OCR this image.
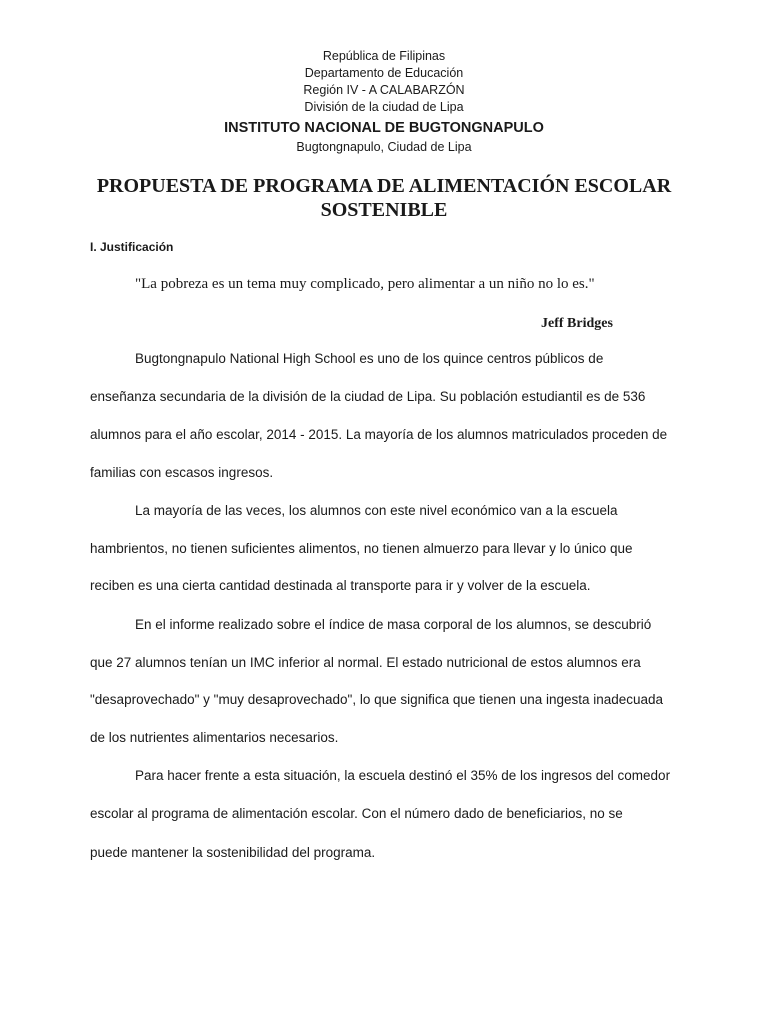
República de Filipinas
Departamento de Educación
Región IV - A CALABARZÓN
División de la ciudad de Lipa
INSTITUTO NACIONAL DE BUGTONGNAPULO
Bugtongnapulo, Ciudad de Lipa
PROPUESTA DE PROGRAMA DE ALIMENTACIÓN ESCOLAR
SOSTENIBLE
I. Justificación
"La pobreza es un tema muy complicado, pero alimentar a un niño no lo es."
Jeff Bridges
Bugtongnapulo National High School es uno de los quince centros públicos de
enseñanza secundaria de la división de la ciudad de Lipa. Su población estudiantil es de 536
alumnos para el año escolar, 2014 - 2015. La mayoría de los alumnos matriculados proceden de
familias con escasos ingresos.
La mayoría de las veces, los alumnos con este nivel económico van a la escuela
hambrientos, no tienen suficientes alimentos, no tienen almuerzo para llevar y lo único que
reciben es una cierta cantidad destinada al transporte para ir y volver de la escuela.
En el informe realizado sobre el índice de masa corporal de los alumnos, se descubrió
que 27 alumnos tenían un IMC inferior al normal. El estado nutricional de estos alumnos era
"desaprovechado" y "muy desaprovechado", lo que significa que tienen una ingesta inadecuada
de los nutrientes alimentarios necesarios.
Para hacer frente a esta situación, la escuela destinó el 35% de los ingresos del comedor
escolar al programa de alimentación escolar. Con el número dado de beneficiarios, no se
puede mantener la sostenibilidad del programa.
